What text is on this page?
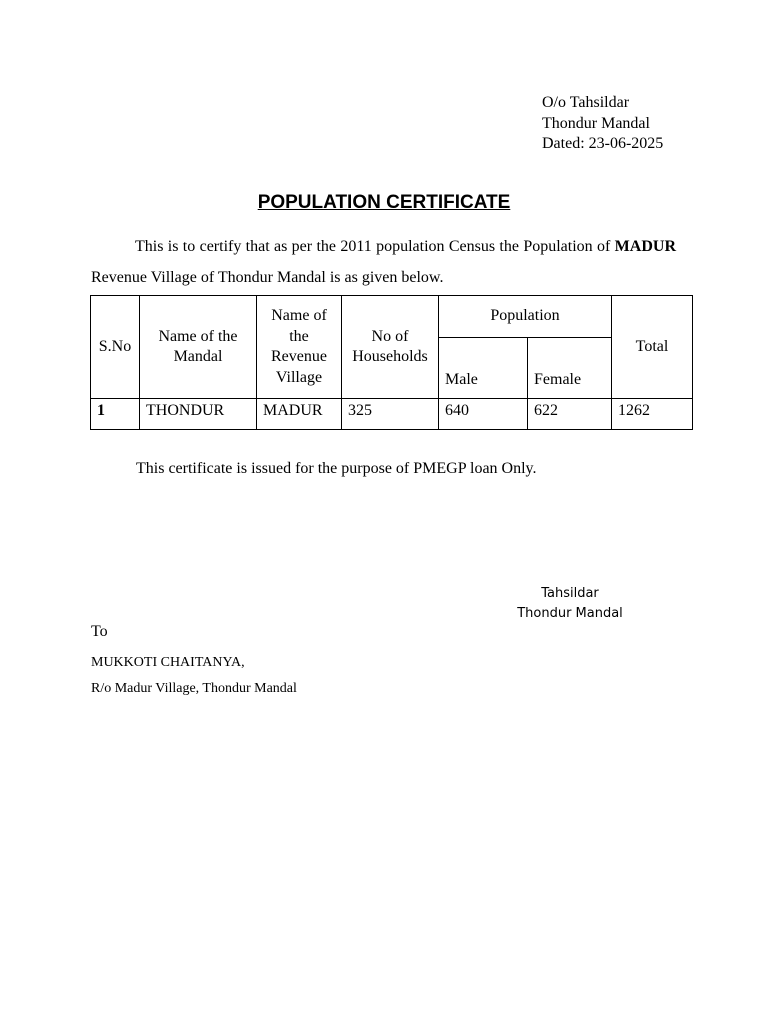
O/o Tahsildar
Thondur Mandal
Dated: 23-06-2025
POPULATION CERTIFICATE
This is to certify that as per the 2011 population Census the Population of MADUR Revenue Village of Thondur Mandal is as given below.
S.No	Name of the Mandal	Name of the Revenue Village	No of Households	Population		Total
				Male	Female	
1	THONDUR	MADUR	325	640	622	1262
This certificate is issued for the purpose of PMEGP loan Only.
Tahsildar
Thondur Mandal
To
MUKKOTI CHAITANYA,
R/o Madur Village, Thondur Mandal
